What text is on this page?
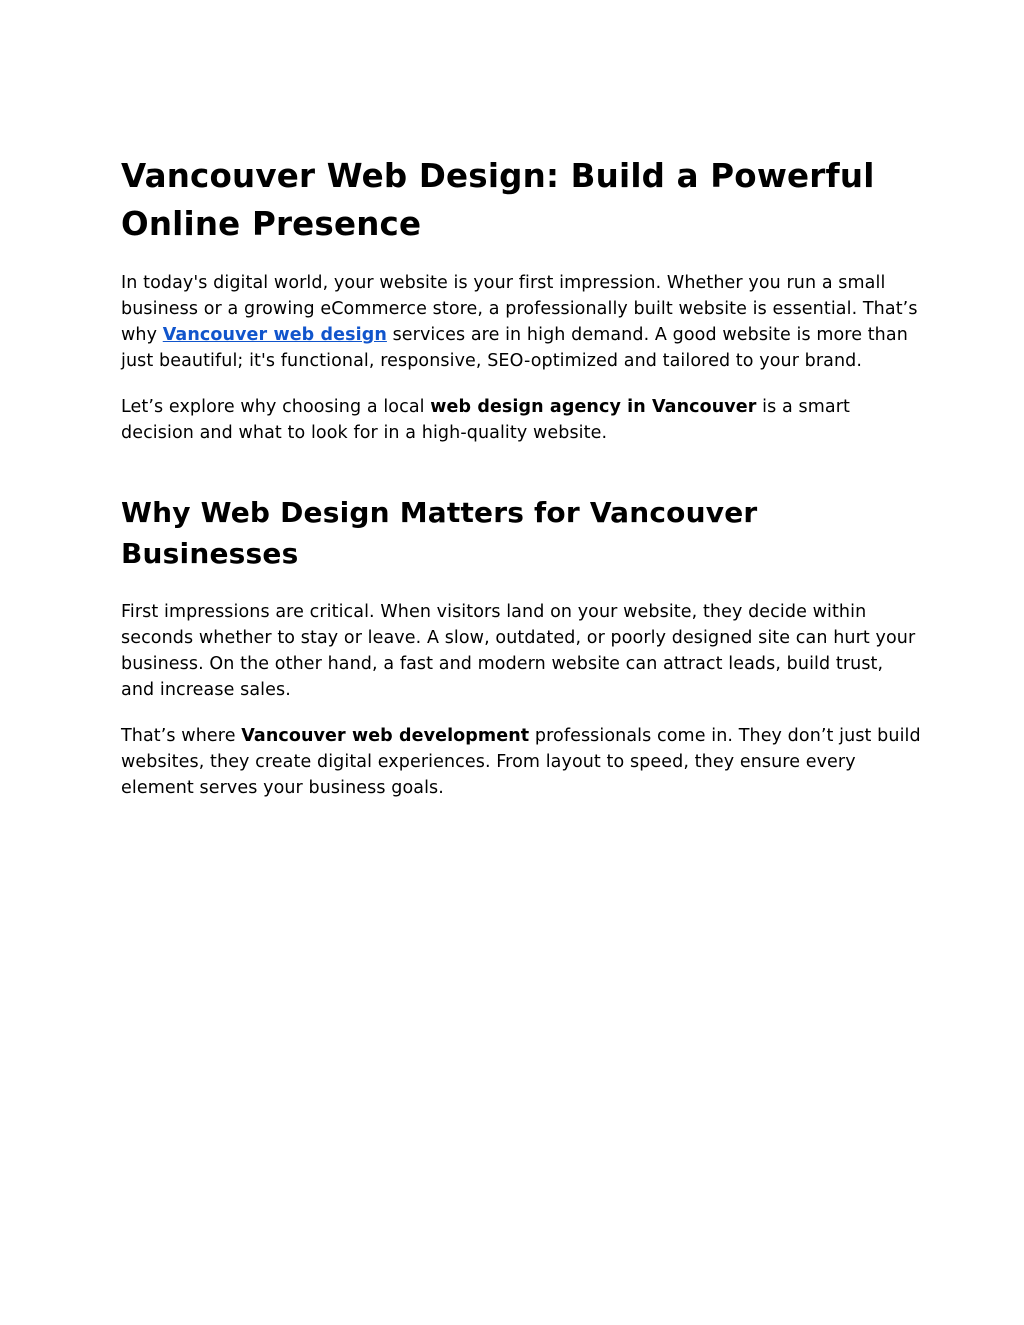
Vancouver Web Design: Build a Powerful Online Presence

In today's digital world, your website is your first impression. Whether you run a small business or a growing eCommerce store, a professionally built website is essential. That’s why Vancouver web design services are in high demand. A good website is more than just beautiful; it's functional, responsive, SEO-optimized and tailored to your brand.

Let’s explore why choosing a local web design agency in Vancouver is a smart decision and what to look for in a high-quality website.

Why Web Design Matters for Vancouver Businesses

First impressions are critical. When visitors land on your website, they decide within seconds whether to stay or leave. A slow, outdated, or poorly designed site can hurt your business. On the other hand, a fast and modern website can attract leads, build trust, and increase sales.

That’s where Vancouver web development professionals come in. They don’t just build websites, they create digital experiences. From layout to speed, they ensure every element serves your business goals.
